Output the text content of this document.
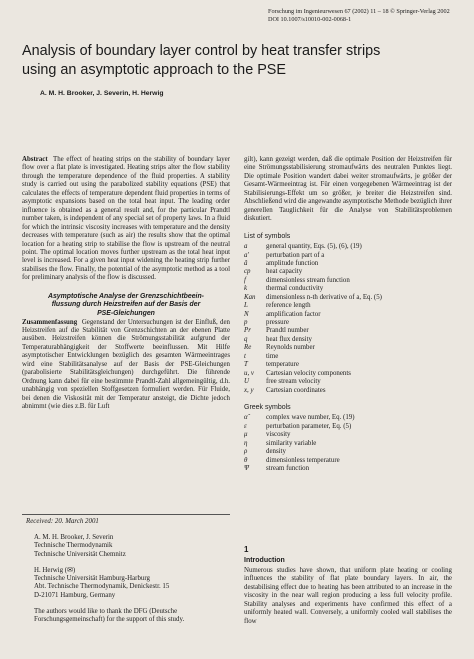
Forschung im Ingenieurwesen 67 (2002) 11 – 18 © Springer-Verlag 2002
DOI 10.1007/s10010-002-0068-1
Analysis of boundary layer control by heat transfer strips
using an asymptotic approach to the PSE
A. M. H. Brooker, J. Severin, H. Herwig
Abstract The effect of heating strips on the stability of boundary layer flow over a flat plate is investigated. Heating strips alter the flow stability through the temperature dependence of the fluid properties. A stability study is carried out using the parabolized stability equations (PSE) that calculates the effects of temperature dependent fluid properties in terms of asymptotic expansions based on the total heat input. The leading order influence is obtained as a general result and, for the particular Prandtl number taken, is independent of any special set of property laws. In a fluid for which the intrinsic viscosity increases with temperature and the density decreases with temperature (such as air) the results show that the optimal location for a heating strip to stabilise the flow is upstream of the neutral point. The optimal location moves further upstream as the total heat input level is increased. For a given heat input widening the heating strip further stabilises the flow. Finally, the potential of the asymptotic method as a tool for preliminary analysis of the flow is discussed.
Asymptotische Analyse der Grenzschichtbeein-
flussung durch Heizstreifen auf der Basis der
PSE-Gleichungen
Zusammenfassung Gegenstand der Untersuchungen ist der Einfluß, den Heizstreifen auf die Stabilität von Grenzschichten an der ebenen Platte ausüben. Heizstreifen können die Strömungsstabilität aufgrund der Temperaturabhängigkeit der Stoffwerte beeinflussen. Mit Hilfe asymptotischer Entwicklungen bezüglich des gesamten Wärmeeintrages wird eine Stabilitätsanalyse auf der Basis der PSE-Gleichungen (parabolisierte Stabilitätsgleichungen) durchgeführt. Die führende Ordnung kann dabei für eine bestimmte Prandtl-Zahl allgemeingültig, d.h. unabhängig von speziellen Stoffgesetzen formuliert werden. Für Fluide, bei denen die Viskosität mit der Temperatur ansteigt, die Dichte jedoch abnimmt (wie dies z.B. für Luft
gilt), kann gezeigt werden, daß die optimale Position der Heizstreifen für eine Strömungsstabilisierung stromaufwärts des neutralen Punktes liegt. Die optimale Position wandert dabei weiter stromaufwärts, je größer der Gesamt-Wärmeeintrag ist. Für einen vorgegebenen Wärmeeintrag ist der Stabilisierungs-Effekt um so größer, je breiter die Heizstreifen sind. Abschließend wird die angewandte asymptotische Methode bezüglich ihrer generellen Tauglichkeit für die Analyse von Stabilitätsproblemen diskutiert.
List of symbols
a	general quantity, Eqs. (5), (6), (19)
a′	perturbation part of a
â	amplitude function
cp	heat capacity
f	dimensionless stream function
k	thermal conductivity
Kan	dimensionless n-th derivative of a, Eq. (5)
L	reference length
N	amplification factor
p	pressure
Pr	Prandtl number
q	heat flux density
Re	Reynolds number
t	time
T	temperature
u, v	Cartesian velocity components
U	free stream velocity
x, y	Cartesian coordinates
Greek symbols
α̂	complex wave number, Eq. (19)
ε	perturbation parameter, Eq. (5)
μ	viscosity
η	similarity variable
ρ	density
θ	dimensionless temperature
Ψ	stream function
Received: 20. March 2001

A. M. H. Brooker, J. Severin

Technische Thermodynamik

Technische Universität Chemnitz

H. Herwig (✉)

Technische Universität Hamburg-Harburg

Abt. Technische Thermodynamik, Denickestr. 15

D-21071 Hamburg, Germany

The authors would like to thank the DFG (Deutsche

Forschungsgemeinschaft) for the support of this study.

1
Introduction
Numerous studies have shown, that uniform plate heating or cooling influences the stability of flat plate boundary layers. In air, the destabilising effect due to heating has been attributed to an increase in the viscosity in the near wall region producing a less full velocity profile. Stability analyses and experiments have confirmed this effect of a uniformly heated wall. Conversely, a uniformly cooled wall stabilises the flow
